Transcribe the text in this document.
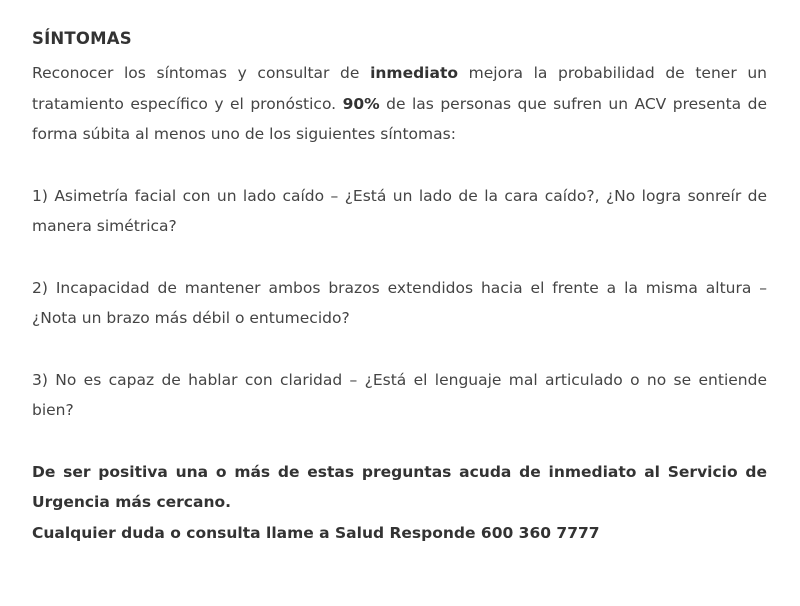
SÍNTOMAS

Reconocer los síntomas y consultar de inmediato mejora la probabilidad de tener un tratamiento específico y el pronóstico. 90% de las personas que sufren un ACV presenta de forma súbita al menos uno de los siguientes síntomas:

1) Asimetría facial con un lado caído – ¿Está un lado de la cara caído?, ¿No logra sonreír de manera simétrica?

2) Incapacidad de mantener ambos brazos extendidos hacia el frente a la misma altura – ¿Nota un brazo más débil o entumecido?

3) No es capaz de hablar con claridad – ¿Está el lenguaje mal articulado o no se entiende bien?

De ser positiva una o más de estas preguntas acuda de inmediato al Servicio de Urgencia más cercano.

Cualquier duda o consulta llame a Salud Responde 600 360 7777
